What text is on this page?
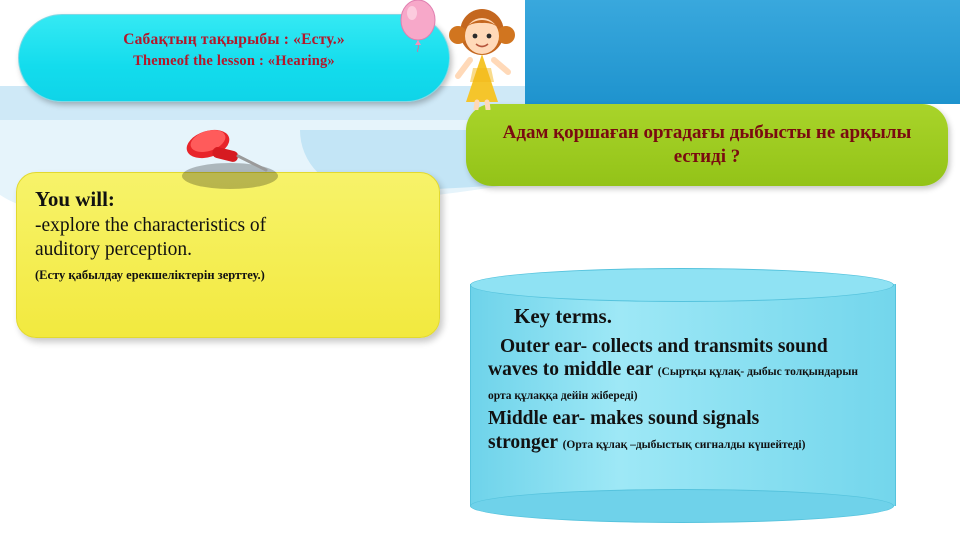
Сабақтың тақырыбы : «Есту.»
Themeof the lesson : «Hearing»
Адам қоршаған ортадағы дыбысты не арқылы естиді ?
You will:
-explore the characteristics of
auditory perception.
(Есту қабылдау ерекшеліктерін зерттеу.)
Key terms.
Outer ear- collects and transmits sound
waves to middle ear (Сыртқы құлақ- дыбыс толқындарын орта құлаққа дейін жібереді)
Middle ear- makes sound signals
stronger (Орта құлақ –дыбыстық сигналды күшейтеді)
